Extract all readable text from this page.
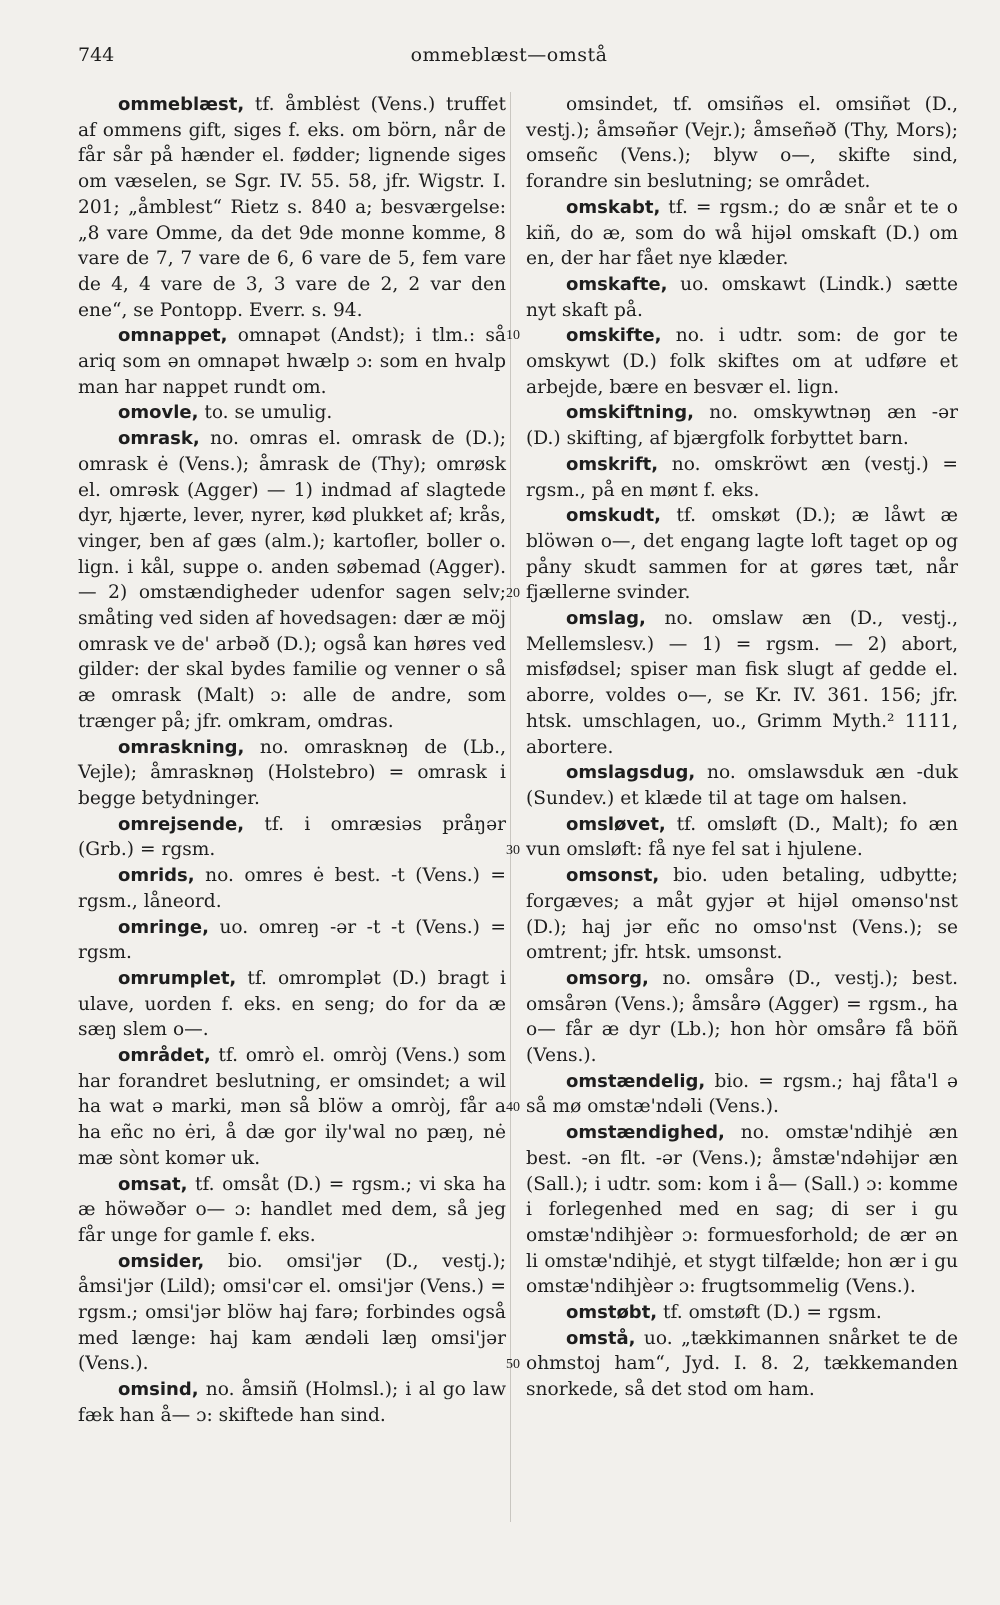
744	ommeblæst—omstå
10
20
30
40
50

ommeblæst, tf. åmblėst (Vens.) truffet af ommens gift, siges f. eks. om börn, når de får sår på hænder el. fødder; lignende siges om væselen, se Sgr. IV. 55. 58, jfr. Wigstr. I. 201; „åmblest“ Rietz s. 840 a; besværgelse: „8 vare Omme, da det 9de monne komme, 8 vare de 7, 7 vare de 6, 6 vare de 5, fem vare de 4, 4 vare de 3, 3 vare de 2, 2 var den ene“, se Pontopp. Everr. s. 94.

omnappet, omnapət (Andst); i tlm.: så ariq som ən omnapət hwælp ɔ: som en hvalp man har nappet rundt om.

omovle, to. se umulig.

omrask, no. omras el. omrask de (D.); omrask ė (Vens.); åmrask de (Thy); omrøsk el. omrəsk (Agger) — 1) indmad af slagtede dyr, hjærte, lever, nyrer, kød plukket af; krås, vinger, ben af gæs (alm.); kartofler, boller o. lign. i kål, suppe o. anden søbemad (Agger). — 2) omstændigheder udenfor sagen selv; småting ved siden af hovedsagen: dær æ möj omrask ve de' arbəð (D.); også kan høres ved gilder: der skal bydes familie og venner o så æ omrask (Malt) ɔ: alle de andre, som trænger på; jfr. omkram, omdras.

omraskning, no. omrasknəŋ de (Lb., Vejle); åmrasknəŋ (Holstebro) = omrask i begge betydninger.

omrejsende, tf. i omræsiəs pråŋər (Grb.) = rgsm.

omrids, no. omres ė best. -t (Vens.) = rgsm., låneord.

omringe, uo. omreŋ -ər -t -t (Vens.) = rgsm.

omrumplet, tf. omromplət (D.) bragt i ulave, uorden f. eks. en seng; do for da æ sæŋ slem o—.

området, tf. omrò el. omròj (Vens.) som har forandret beslutning, er omsindet; a wil ha wat ə marki, mən så blöw a omròj, får a ha eñc no ėri, å dæ gor ily'wal no pæŋ, nė mæ sònt komər uk.

omsat, tf. omsåt (D.) = rgsm.; vi ska ha æ höwəðər o— ɔ: handlet med dem, så jeg får unge for gamle f. eks.

omsider, bio. omsi'jər (D., vestj.); åmsi'jər (Lild); omsi'cər el. omsi'jər (Vens.) = rgsm.; omsi'jər blöw haj farə; forbindes også med længe: haj kam ændəli læŋ omsi'jər (Vens.).

omsind, no. åmsiñ (Holmsl.); i al go law fæk han å— ɔ: skiftede han sind.

omsindet, tf. omsiñəs el. omsiñət (D., vestj.); åmsəñər (Vejr.); åmseñəð (Thy, Mors); omseñc (Vens.); blyw o—, skifte sind, forandre sin beslutning; se området.

omskabt, tf. = rgsm.; do æ snår et te o kiñ, do æ, som do wå hijəl omskaft (D.) om en, der har fået nye klæder.

omskafte, uo. omskawt (Lindk.) sætte nyt skaft på.

omskifte, no. i udtr. som: de gor te omskywt (D.) folk skiftes om at udføre et arbejde, bære en besvær el. lign.

omskiftning, no. omskywtnəŋ æn -ər (D.) skifting, af bjærgfolk forbyttet barn.

omskrift, no. omskröwt æn (vestj.) = rgsm., på en mønt f. eks.

omskudt, tf. omskøt (D.); æ låwt æ blöwən o—, det engang lagte loft taget op og påny skudt sammen for at gøres tæt, når fjællerne svinder.

omslag, no. omslaw æn (D., vestj., Mellemslesv.) — 1) = rgsm. — 2) abort, misfødsel; spiser man fisk slugt af gedde el. aborre, voldes o—, se Kr. IV. 361. 156; jfr. htsk. umschlagen, uo., Grimm Myth.² 1111, abortere.

omslagsdug, no. omslawsduk æn -duk (Sundev.) et klæde til at tage om halsen.

omsløvet, tf. omsløft (D., Malt); fo æn vun omsløft: få nye fel sat i hjulene.

omsonst, bio. uden betaling, udbytte; forgæves; a måt gyjər ət hijəl omənso'nst (D.); haj jər eñc no omso'nst (Vens.); se omtrent; jfr. htsk. umsonst.

omsorg, no. omsårə (D., vestj.); best. omsårən (Vens.); åmsårə (Agger) = rgsm., ha o— får æ dyr (Lb.); hon hòr omsårə få böñ (Vens.).

omstændelig, bio. = rgsm.; haj fåta'l ə så mø omstæ'ndəli (Vens.).

omstændighed, no. omstæ'ndihjė æn best. -ən flt. -ər (Vens.); åmstæ'ndəhijər æn (Sall.); i udtr. som: kom i å— (Sall.) ɔ: komme i forlegenhed med en sag; di ser i gu omstæ'ndihjèər ɔ: formuesforhold; de ær ən li omstæ'ndihjė, et stygt tilfælde; hon ær i gu omstæ'ndihjèər ɔ: frugtsommelig (Vens.).

omstøbt, tf. omstøft (D.) = rgsm.

omstå, uo. „tækkimannen snårket te de ohmstoj ham“, Jyd. I. 8. 2, tækkemanden snorkede, så det stod om ham.
